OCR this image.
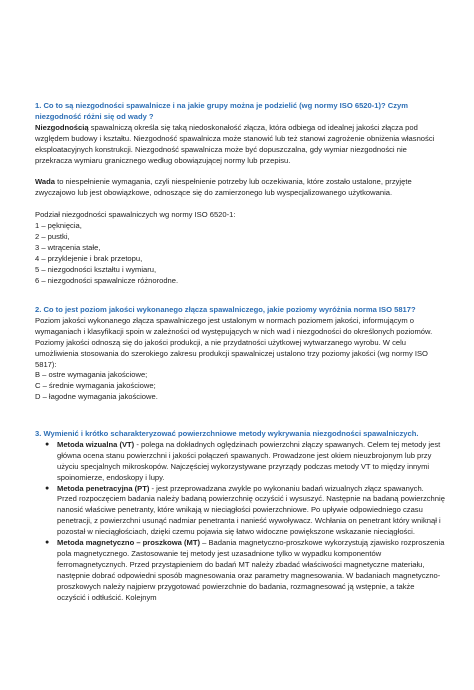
1. Co to są niezgodności spawalnicze i na jakie grupy można je podzielić (wg normy ISO 6520-1)? Czym niezgodność różni się od wady ?

Niezgodnością spawalniczą określa się taką niedoskonałość złącza, która odbiega od idealnej jakości złącza pod względem budowy i kształtu. Niezgodność spawalnicza może stanowić lub też stanowi zagrożenie obniżenia własności eksploatacyjnych konstrukcji. Niezgodność spawalnicza może być dopuszczalna, gdy wymiar niezgodności nie przekracza wymiaru granicznego według obowiązującej normy lub przepisu.

Wada to niespełnienie wymagania, czyli niespełnienie potrzeby lub oczekiwania, które zostało ustalone, przyjęte zwyczajowo lub jest obowiązkowe, odnoszące się do zamierzonego lub wyspecjalizowanego użytkowania.

Podział niezgodności spawalniczych wg normy ISO 6520-1:

1 – pęknięcia,

2 – pustki,

3 – wtrącenia stałe,

4 – przyklejenie i brak przetopu,

5 – niezgodności kształtu i wymiaru,

6 – niezgodności spawalnicze różnorodne.

2. Co to jest poziom jakości wykonanego złącza spawalniczego, jakie poziomy wyróżnia norma ISO 5817?

Poziom jakości wykonanego złącza spawalniczego jest ustalonym w normach poziomem jakości, informującym o wymaganiach i klasyfikacji spoin w zależności od występujących w nich wad i niezgodności do określonych poziomów. Poziomy jakości odnoszą się do jakości produkcji, a nie przydatności użytkowej wytwarzanego wyrobu. W celu umożliwienia stosowania do szerokiego zakresu produkcji spawalniczej ustalono trzy poziomy jakości (wg normy ISO 5817):

B – ostre wymagania jakościowe;

C – średnie wymagania jakościowe;

D – łagodne wymagania jakościowe.

3. Wymienić i krótko scharakteryzować powierzchniowe metody wykrywania niezgodności spawalniczych.

● Metoda wizualna (VT) - polega na dokładnych oględzinach powierzchni złączy spawanych. Celem tej metody jest główna ocena stanu powierzchni i jakości połączeń spawanych. Prowadzone jest okiem nieuzbrojonym lub przy użyciu specjalnych mikroskopów. Najczęściej wykorzystywane przyrządy podczas metody VT to między innymi spoinomierze, endoskopy i lupy.
● Metoda penetracyjna (PT) - jest przeprowadzana zwykle po wykonaniu badań wizualnych złącz spawanych. Przed rozpoczęciem badania należy badaną powierzchnię oczyścić i wysuszyć. Następnie na badaną powierzchnię nanosić właściwe penetranty, które wnikają w nieciągłości powierzchniowe. Po upływie odpowiedniego czasu penetracji, z powierzchni usunąć nadmiar penetranta i nanieść wywoływacz. Wchłania on penetrant który wniknął i pozostał w nieciągłościach, dzięki czemu pojawia się łatwo widoczne powiększone wskazanie nieciągłości.
● Metoda magnetyczno – proszkowa (MT) – Badania magnetyczno-proszkowe wykorzystują zjawisko rozproszenia pola magnetycznego. Zastosowanie tej metody jest uzasadnione tylko w wypadku komponentów ferromagnetycznych. Przed przystąpieniem do badań MT należy zbadać właściwości magnetyczne materiału, następnie dobrać odpowiedni sposób magnesowania oraz parametry magnesowania. W badaniach magnetyczno-proszkowych należy najpierw przygotować powierzchnie do badania, rozmagnesować ją wstępnie, a także oczyścić i odtłuścić. Kolejnym
